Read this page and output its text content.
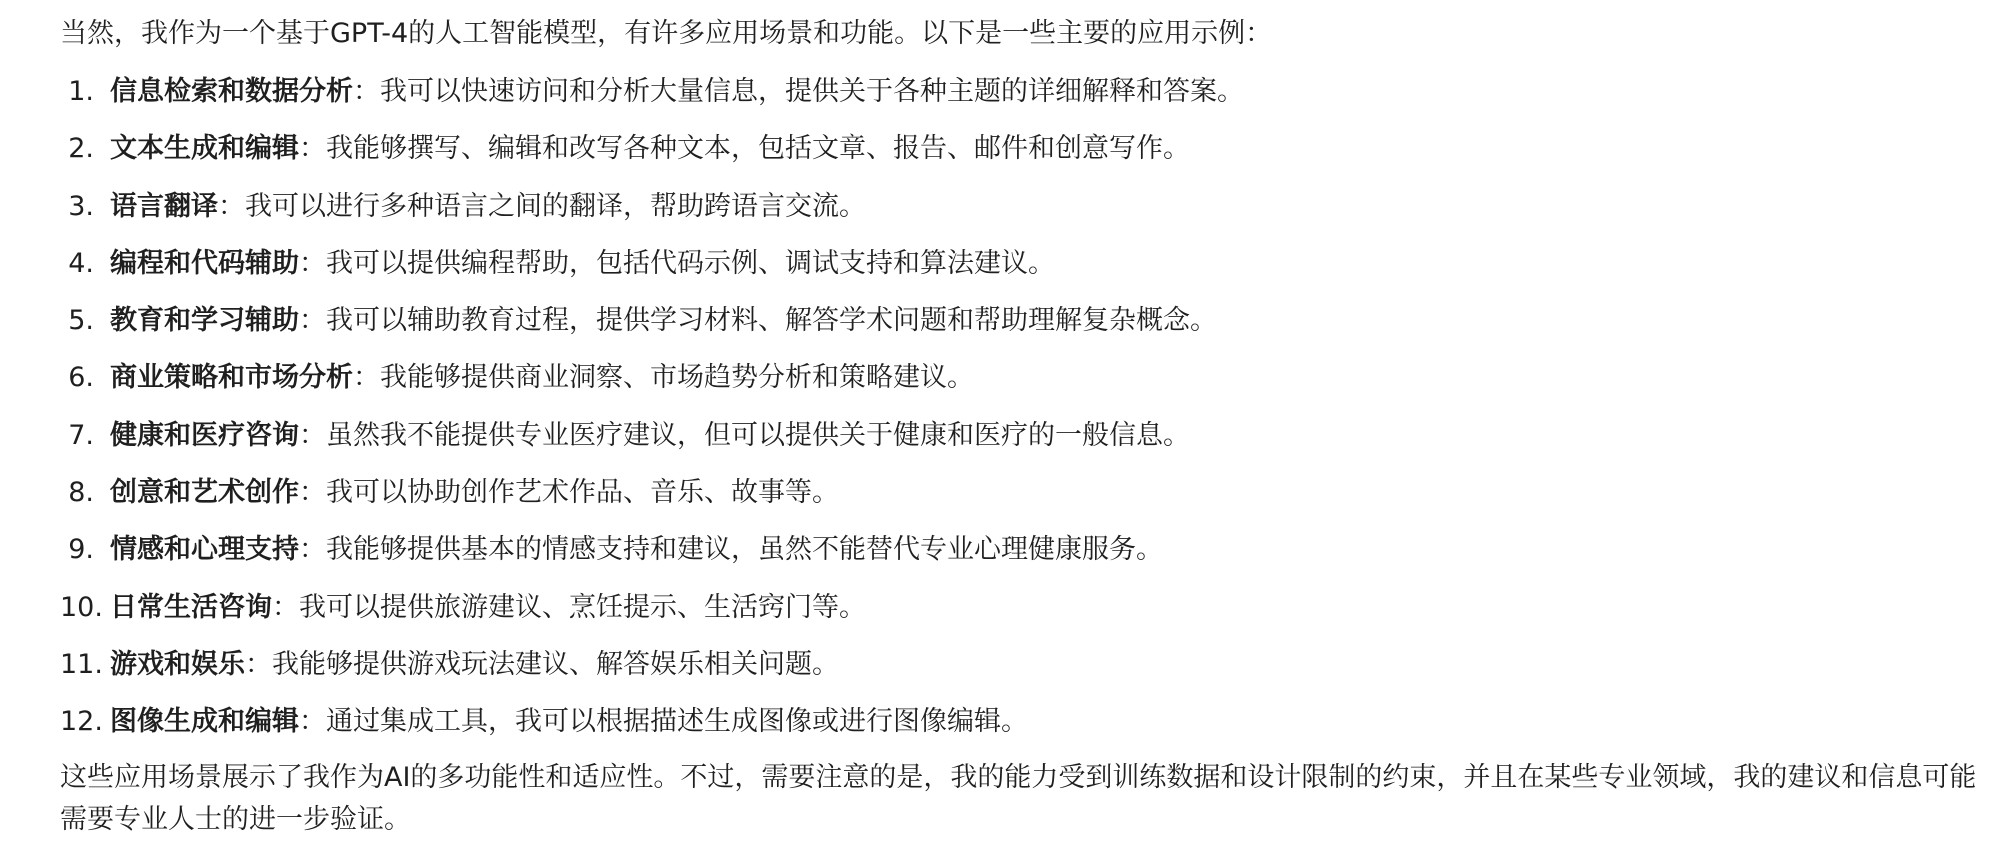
当然，我作为一个基于GPT-4的人工智能模型，有许多应用场景和功能。以下是一些主要的应用示例：

1. 信息检索和数据分析：我可以快速访问和分析大量信息，提供关于各种主题的详细解释和答案。
2. 文本生成和编辑：我能够撰写、编辑和改写各种文本，包括文章、报告、邮件和创意写作。
3. 语言翻译：我可以进行多种语言之间的翻译，帮助跨语言交流。
4. 编程和代码辅助：我可以提供编程帮助，包括代码示例、调试支持和算法建议。
5. 教育和学习辅助：我可以辅助教育过程，提供学习材料、解答学术问题和帮助理解复杂概念。
6. 商业策略和市场分析：我能够提供商业洞察、市场趋势分析和策略建议。
7. 健康和医疗咨询：虽然我不能提供专业医疗建议，但可以提供关于健康和医疗的一般信息。
8. 创意和艺术创作：我可以协助创作艺术作品、音乐、故事等。
9. 情感和心理支持：我能够提供基本的情感支持和建议，虽然不能替代专业心理健康服务。
10. 日常生活咨询：我可以提供旅游建议、烹饪提示、生活窍门等。
11. 游戏和娱乐：我能够提供游戏玩法建议、解答娱乐相关问题。
12. 图像生成和编辑：通过集成工具，我可以根据描述生成图像或进行图像编辑。

这些应用场景展示了我作为AI的多功能性和适应性。不过，需要注意的是，我的能力受到训练数据和设计限制的约束，并且在某些专业领域，我的建议和信息可能需要专业人士的进一步验证。
